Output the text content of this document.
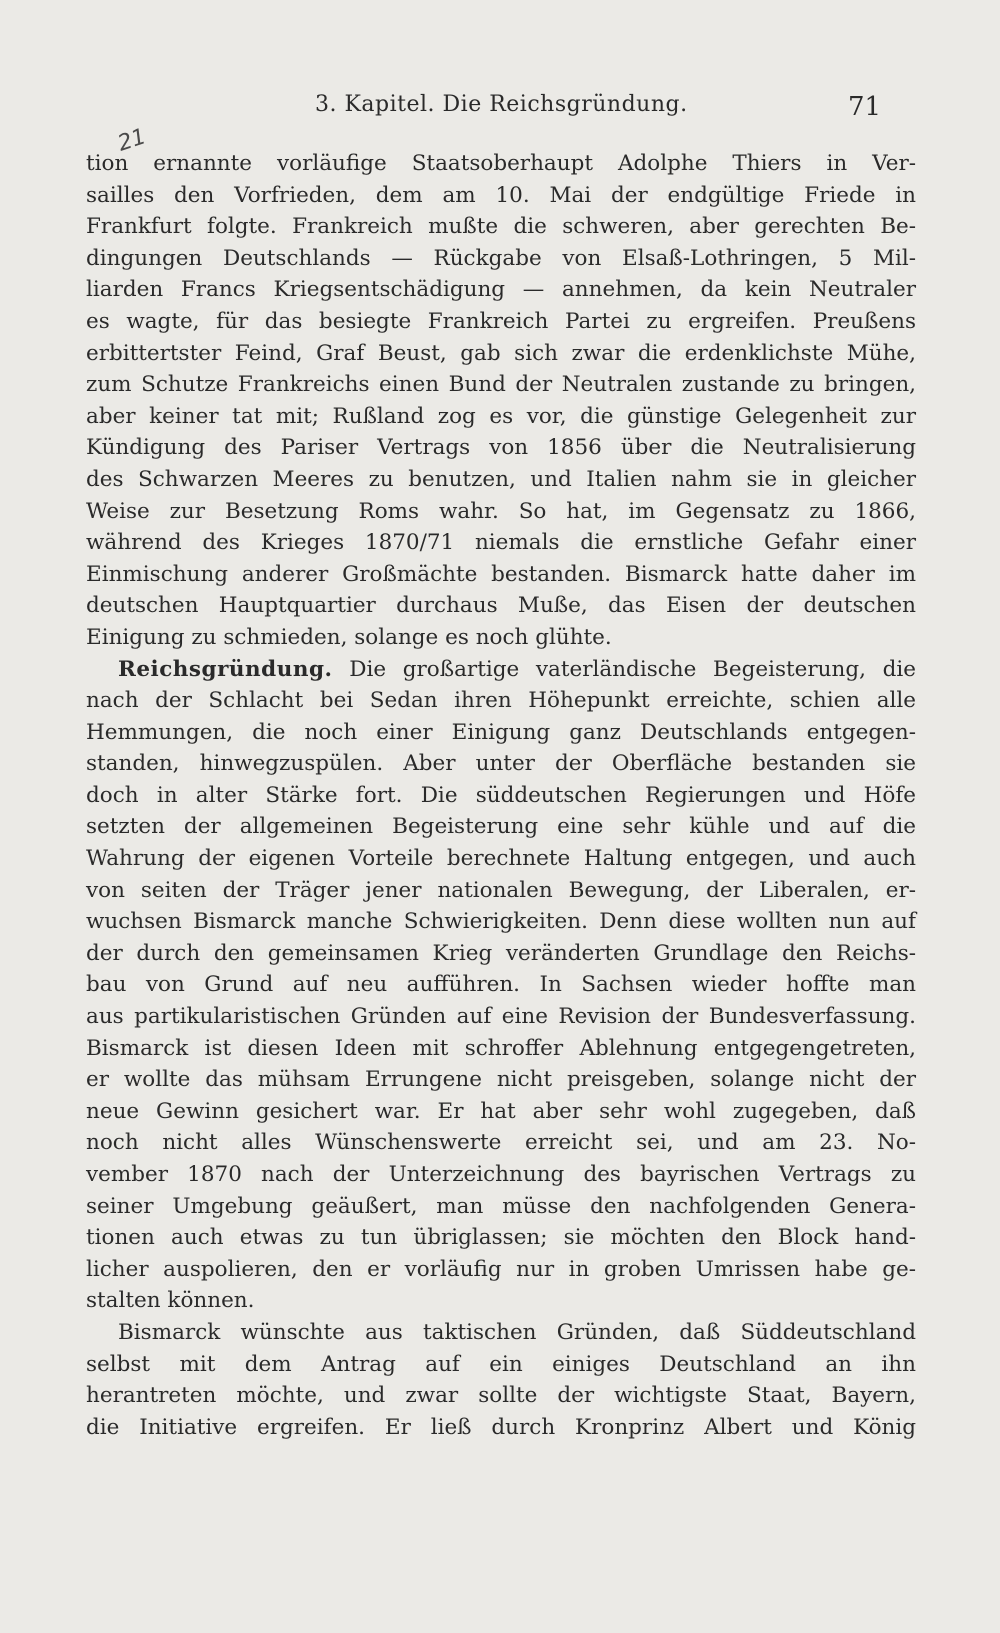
3. Kapitel. Die Reichsgründung.	71
21
tion ernannte vorläufige Staatsoberhaupt Adolphe Thiers in Ver-
sailles den Vorfrieden, dem am 10. Mai der endgültige Friede in
Frankfurt folgte. Frankreich mußte die schweren, aber gerechten Be-
dingungen Deutschlands — Rückgabe von Elsaß-Lothringen, 5 Mil-
liarden Francs Kriegsentschädigung — annehmen, da kein Neutraler
es wagte, für das besiegte Frankreich Partei zu ergreifen. Preußens
erbittertster Feind, Graf Beust, gab sich zwar die erdenklichste Mühe,
zum Schutze Frankreichs einen Bund der Neutralen zustande zu bringen,
aber keiner tat mit; Rußland zog es vor, die günstige Gelegenheit zur
Kündigung des Pariser Vertrags von 1856 über die Neutralisierung
des Schwarzen Meeres zu benutzen, und Italien nahm sie in gleicher
Weise zur Besetzung Roms wahr. So hat, im Gegensatz zu 1866,
während des Krieges 1870/71 niemals die ernstliche Gefahr einer
Einmischung anderer Großmächte bestanden. Bismarck hatte daher im
deutschen Hauptquartier durchaus Muße, das Eisen der deutschen
Einigung zu schmieden, solange es noch glühte.
Reichsgründung. Die großartige vaterländische Begeisterung, die
nach der Schlacht bei Sedan ihren Höhepunkt erreichte, schien alle
Hemmungen, die noch einer Einigung ganz Deutschlands entgegen-
standen, hinwegzuspülen. Aber unter der Oberfläche bestanden sie
doch in alter Stärke fort. Die süddeutschen Regierungen und Höfe
setzten der allgemeinen Begeisterung eine sehr kühle und auf die
Wahrung der eigenen Vorteile berechnete Haltung entgegen, und auch
von seiten der Träger jener nationalen Bewegung, der Liberalen, er-
wuchsen Bismarck manche Schwierigkeiten. Denn diese wollten nun auf
der durch den gemeinsamen Krieg veränderten Grundlage den Reichs-
bau von Grund auf neu aufführen. In Sachsen wieder hoffte man
aus partikularistischen Gründen auf eine Revision der Bundesverfassung.
Bismarck ist diesen Ideen mit schroffer Ablehnung entgegengetreten,
er wollte das mühsam Errungene nicht preisgeben, solange nicht der
neue Gewinn gesichert war. Er hat aber sehr wohl zugegeben, daß
noch nicht alles Wünschenswerte erreicht sei, und am 23. No-
vember 1870 nach der Unterzeichnung des bayrischen Vertrags zu
seiner Umgebung geäußert, man müsse den nachfolgenden Genera-
tionen auch etwas zu tun übriglassen; sie möchten den Block hand-
licher auspolieren, den er vorläufig nur in groben Umrissen habe ge-
stalten können.
Bismarck wünschte aus taktischen Gründen, daß Süddeutschland
selbst mit dem Antrag auf ein einiges Deutschland an ihn
herantreten möchte, und zwar sollte der wichtigste Staat, Bayern,
die Initiative ergreifen. Er ließ durch Kronprinz Albert und König
